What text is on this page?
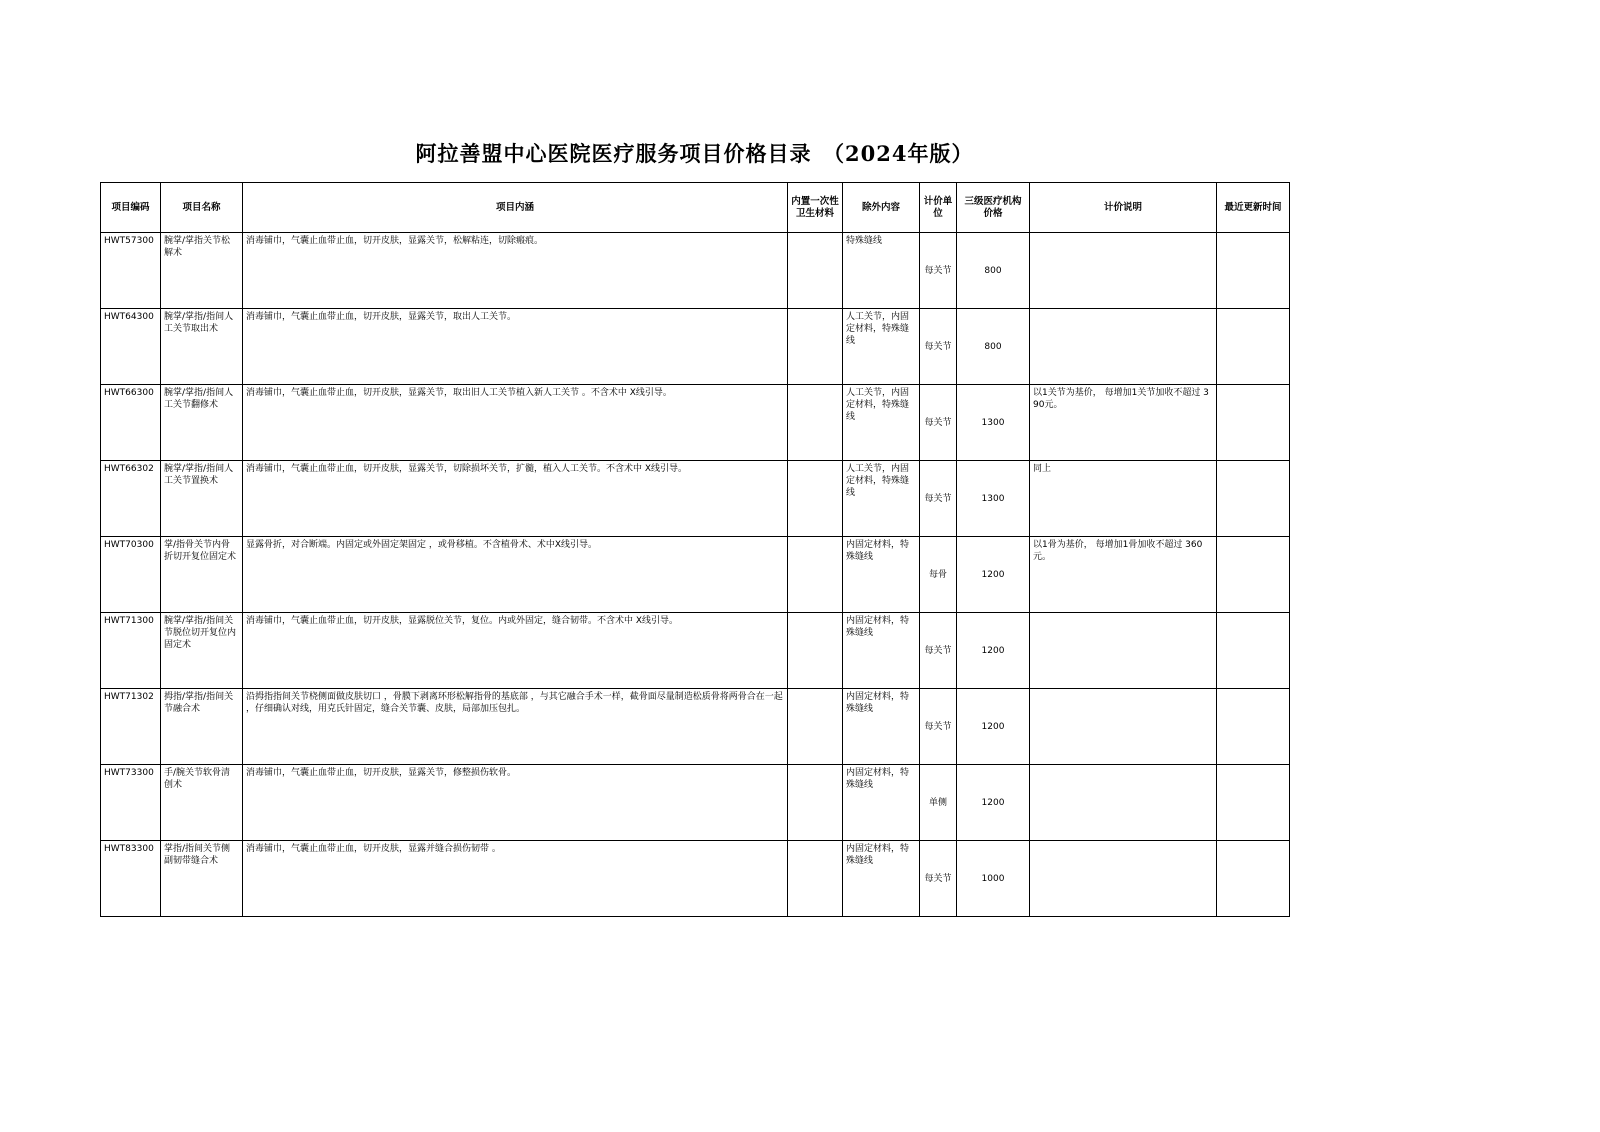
阿拉善盟中心医院医疗服务项目价格目录　（2024年版）
项目编码	项目名称	项目内涵	内置一次性卫生材料	除外内容	计价单位	三级医疗机构价格	计价说明	最近更新时间
HWT57300	腕掌/掌指关节松解术	消毒铺巾，气囊止血带止血，切开皮肤，显露关节，松解粘连，切除瘢痕。		特殊缝线	每关节	800		
HWT64300	腕掌/掌指/指间人工关节取出术	消毒铺巾，气囊止血带止血，切开皮肤，显露关节，取出人工关节。		人工关节，内固定材料，特殊缝线	每关节	800		
HWT66300	腕掌/掌指/指间人工关节翻修术	消毒铺巾，气囊止血带止血，切开皮肤，显露关节，取出旧人工关节植入新人工关节 。不含术中 X线引导。		人工关节，内固定材料，特殊缝线	每关节	1300	以1关节为基价， 每增加1关节加收不超过 390元。	
HWT66302	腕掌/掌指/指间人工关节置换术	消毒铺巾，气囊止血带止血，切开皮肤，显露关节，切除损坏关节，扩髓，植入人工关节。不含术中 X线引导。		人工关节，内固定材料，特殊缝线	每关节	1300	同上	
HWT70300	掌/指骨关节内骨折切开复位固定术	显露骨折，对合断端。内固定或外固定架固定 ，或骨移植。不含植骨术、术中X线引导。		内固定材料，特殊缝线	每骨	1200	以1骨为基价， 每增加1骨加收不超过 360元。	
HWT71300	腕掌/掌指/指间关节脱位切开复位内固定术	消毒铺巾，气囊止血带止血，切开皮肤，显露脱位关节，复位。内或外固定，缝合韧带。不含术中 X线引导。		内固定材料，特殊缝线	每关节	1200		
HWT71302	拇指/掌指/指间关节融合术	沿拇指指间关节桡侧面做皮肤切口 ，骨膜下剥离环形松解指骨的基底部 ，与其它融合手术一样，截骨面尽量制造松质骨将两骨合在一起 ，仔细确认对线，用克氏针固定，缝合关节囊、皮肤，局部加压包扎。		内固定材料，特殊缝线	每关节	1200		
HWT73300	手/腕关节软骨清创术	消毒铺巾，气囊止血带止血，切开皮肤，显露关节，修整损伤软骨。		内固定材料，特殊缝线	单侧	1200		
HWT83300	掌指/指间关节侧副韧带缝合术	消毒铺巾，气囊止血带止血，切开皮肤，显露并缝合损伤韧带 。		内固定材料，特殊缝线	每关节	1000		
